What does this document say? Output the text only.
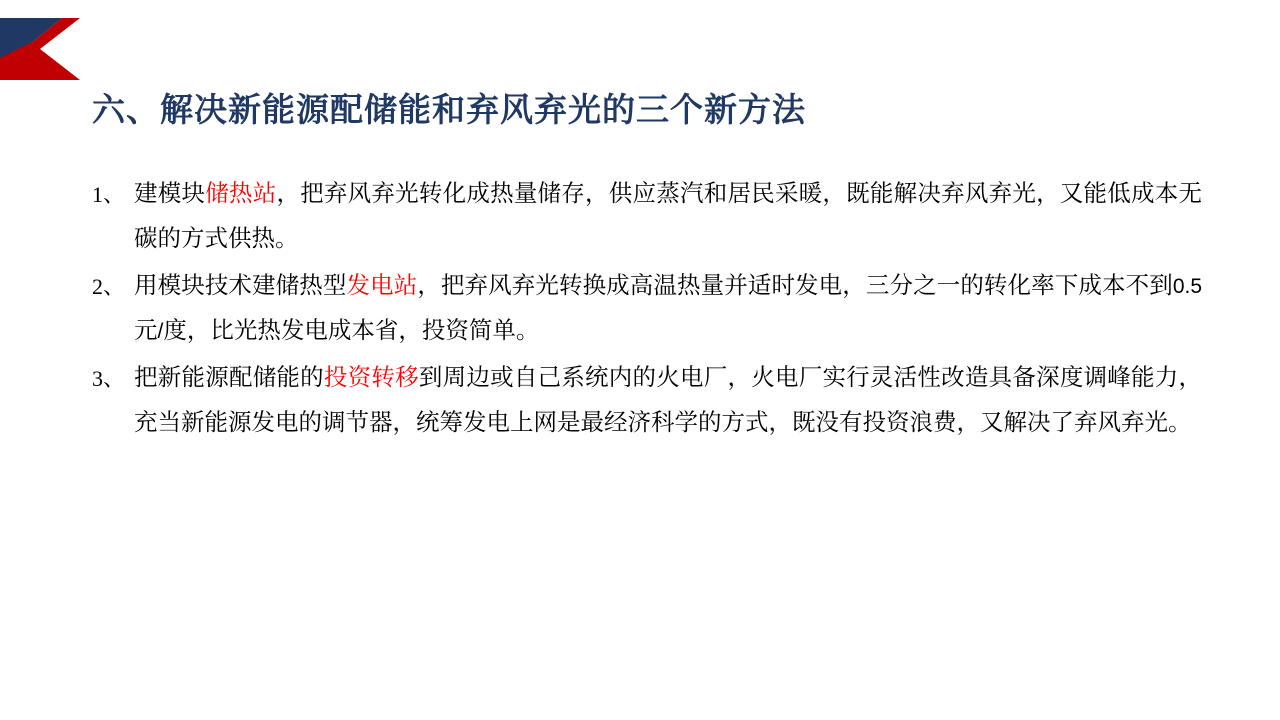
六、解决新能源配储能和弃风弃光的三个新方法
1、 建模块储热站，把弃风弃光转化成热量储存，供应蒸汽和居民采暖，既能解决弃风弃光，又能低成本无碳的方式供热。
2、 用模块技术建储热型发电站，把弃风弃光转换成高温热量并适时发电，三分之一的转化率下成本不到0.5元/度，比光热发电成本省，投资简单。
3、 把新能源配储能的投资转移到周边或自己系统内的火电厂，火电厂实行灵活性改造具备深度调峰能力，充当新能源发电的调节器，统筹发电上网是最经济科学的方式，既没有投资浪费，又解决了弃风弃光。
